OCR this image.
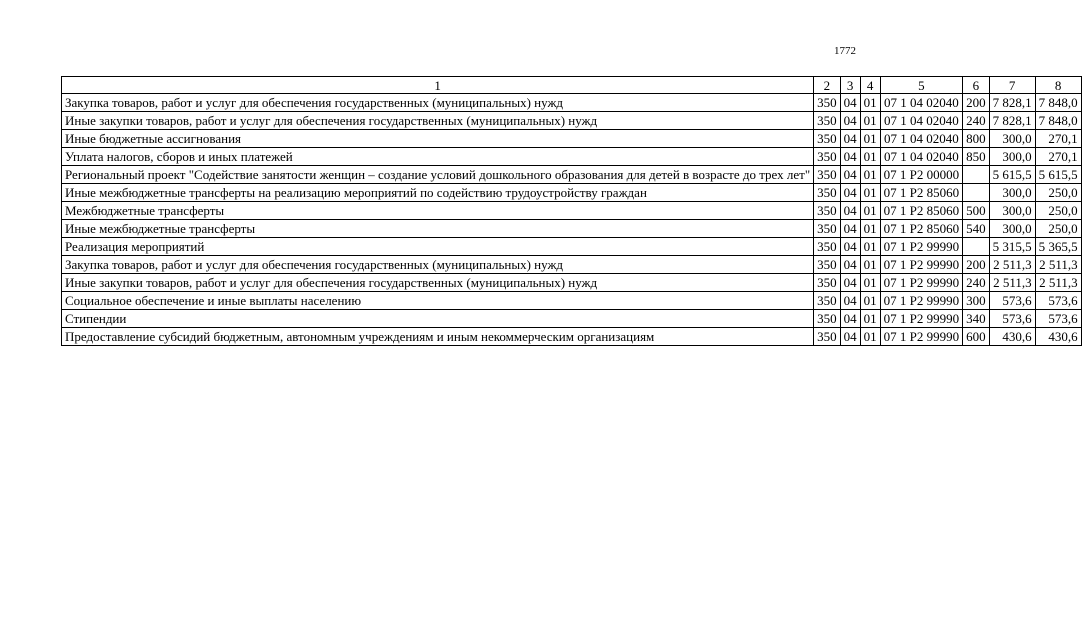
1772
1	2	3	4	5	6	7	8
Закупка товаров, работ и услуг для обеспечения государственных (муниципальных) нужд	350	04	01	07 1 04 02040	200	7 828,1	7 848,0
Иные закупки товаров, работ и услуг для обеспечения государственных (муниципальных) нужд	350	04	01	07 1 04 02040	240	7 828,1	7 848,0
Иные бюджетные ассигнования	350	04	01	07 1 04 02040	800	300,0	270,1
Уплата налогов, сборов и иных платежей	350	04	01	07 1 04 02040	850	300,0	270,1
Региональный проект "Содействие занятости женщин – создание условий дошкольного образования для детей в возрасте до трех лет"	350	04	01	07 1 P2 00000		5 615,5	5 615,5
Иные межбюджетные трансферты на реализацию мероприятий по содействию трудоустройству граждан	350	04	01	07 1 P2 85060		300,0	250,0
Межбюджетные трансферты	350	04	01	07 1 P2 85060	500	300,0	250,0
Иные межбюджетные трансферты	350	04	01	07 1 P2 85060	540	300,0	250,0
Реализация мероприятий	350	04	01	07 1 P2 99990		5 315,5	5 365,5
Закупка товаров, работ и услуг для обеспечения государственных (муниципальных) нужд	350	04	01	07 1 P2 99990	200	2 511,3	2 511,3
Иные закупки товаров, работ и услуг для обеспечения государственных (муниципальных) нужд	350	04	01	07 1 P2 99990	240	2 511,3	2 511,3
Социальное обеспечение и иные выплаты населению	350	04	01	07 1 P2 99990	300	573,6	573,6
Стипендии	350	04	01	07 1 P2 99990	340	573,6	573,6
Предоставление субсидий бюджетным, автономным учреждениям и иным некоммерческим организациям	350	04	01	07 1 P2 99990	600	430,6	430,6
